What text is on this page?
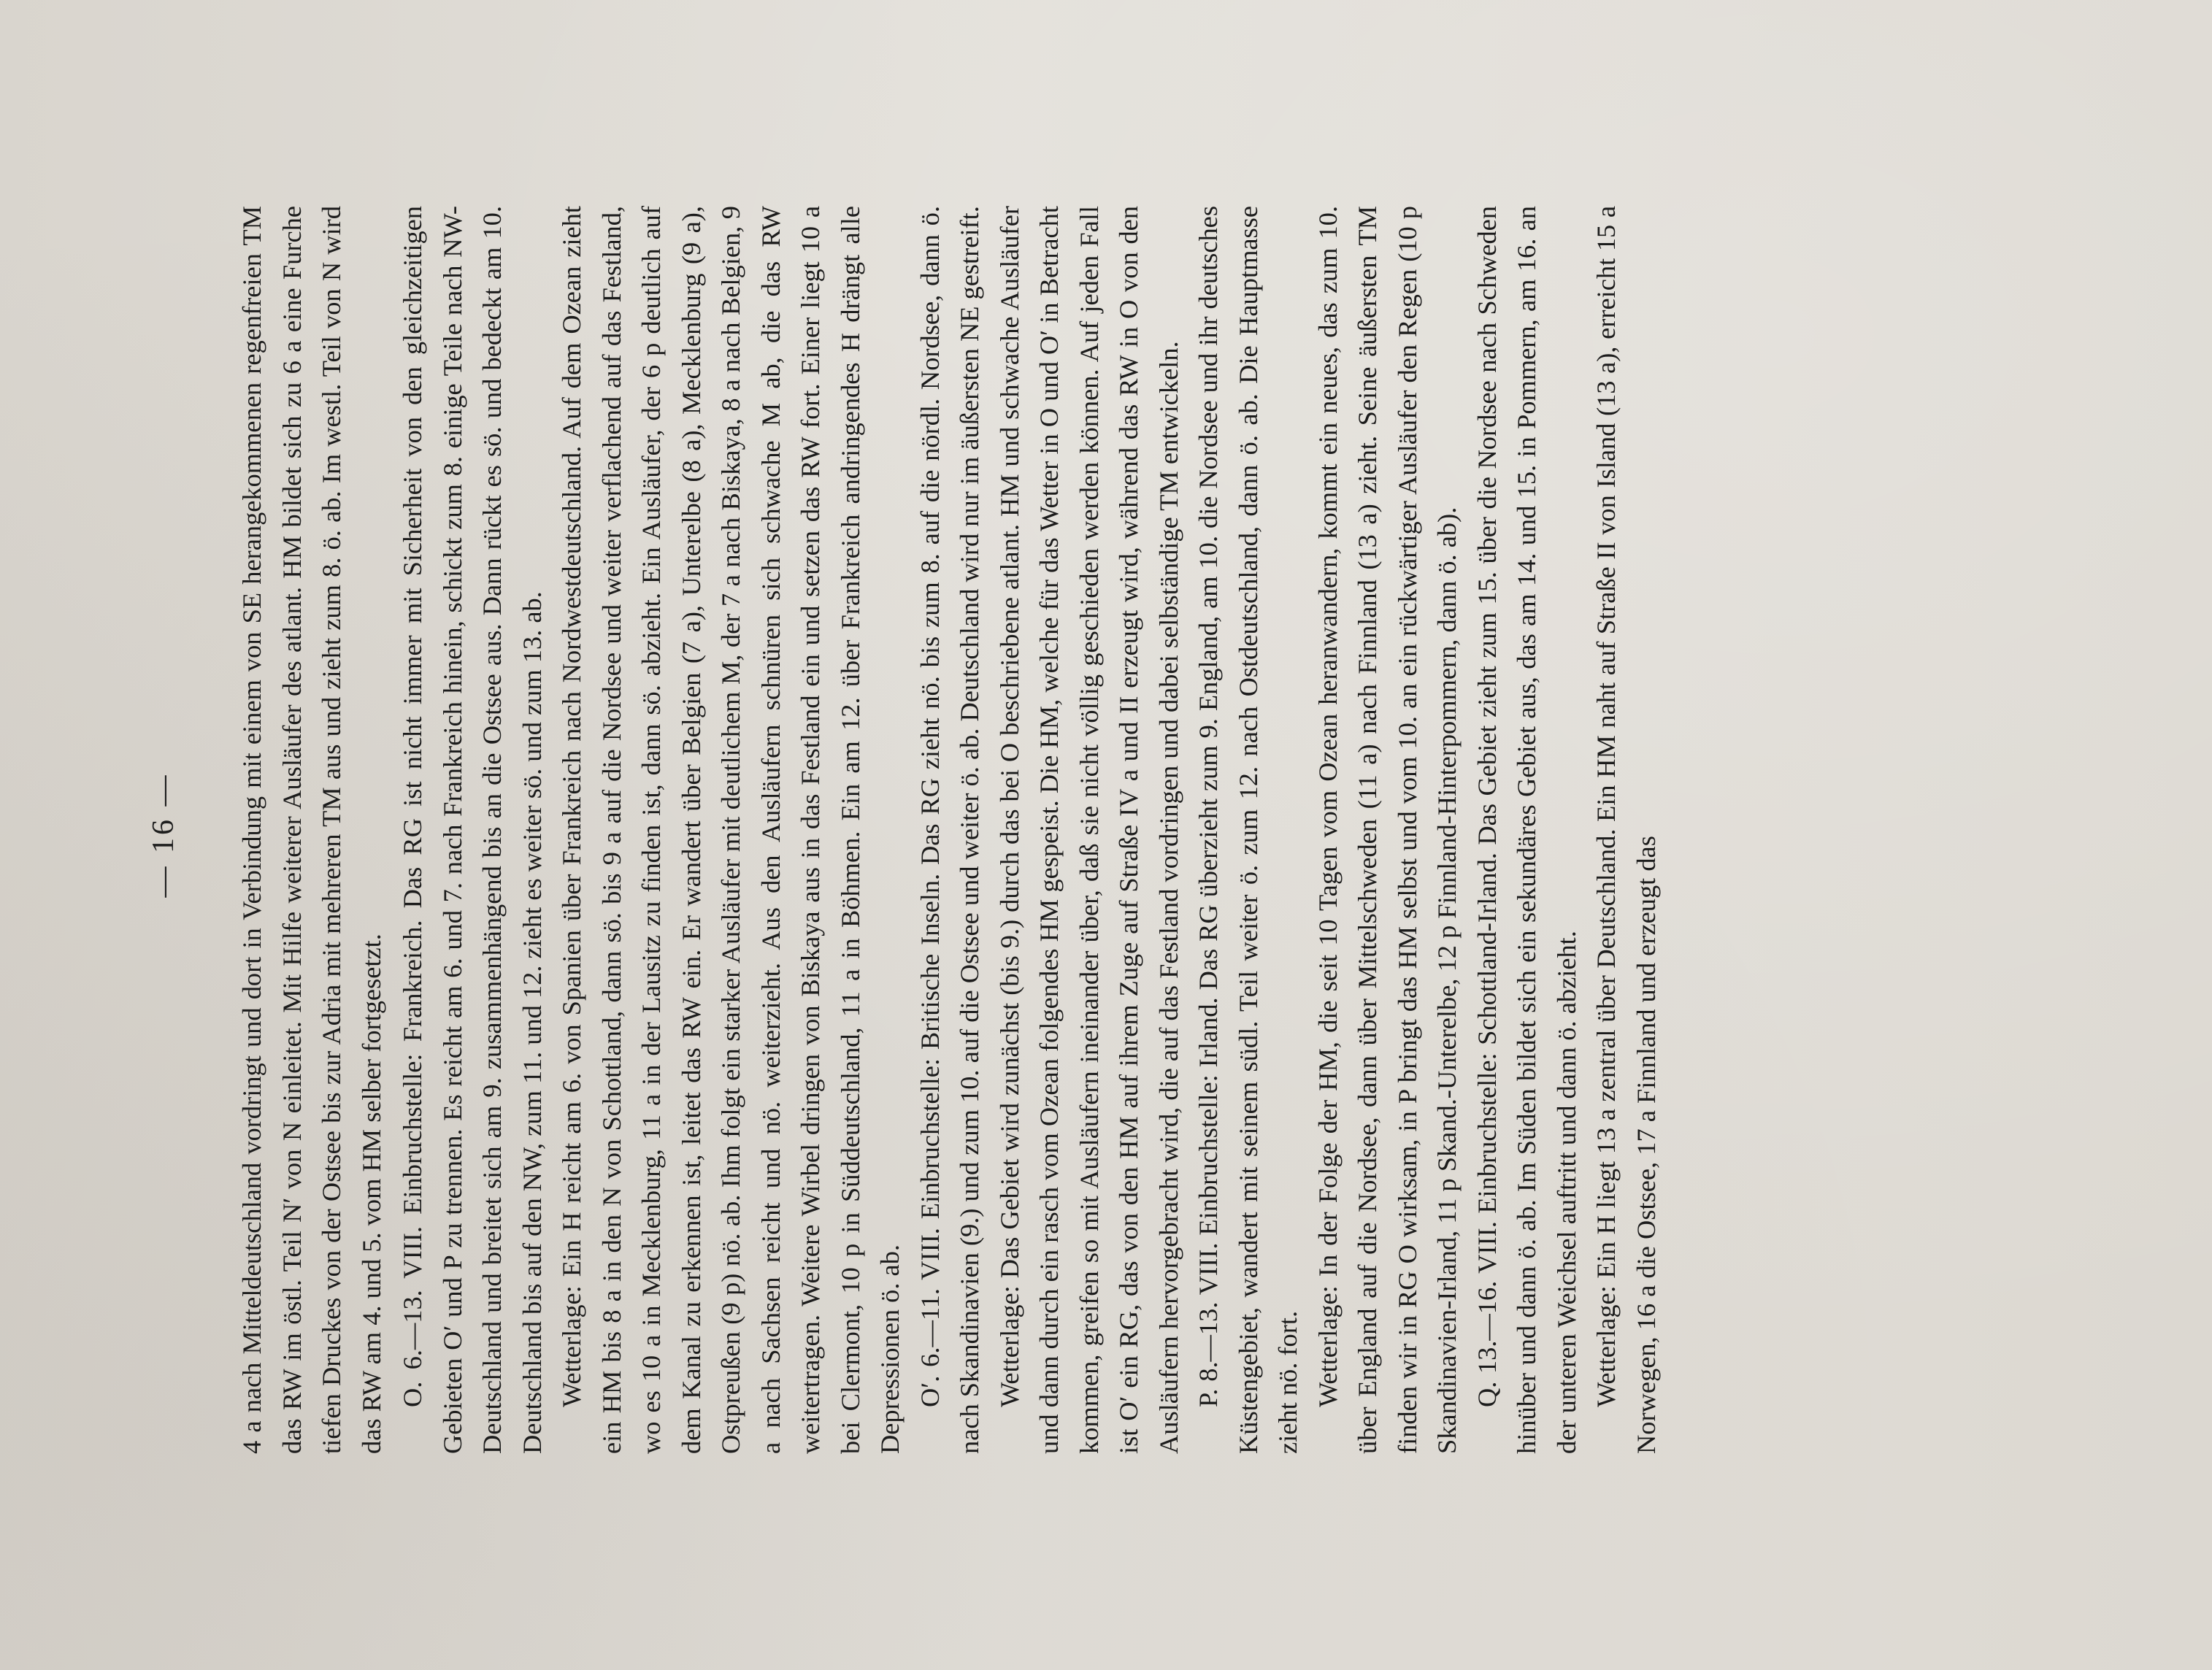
— 16 — 4 a nach Mitteldeutschland vordringt und dort in Verbindung mit einem von SE herangekommenen regenfreien TM das RW im östl. Teil N′ von N einleitet. Mit Hilfe weiterer Ausläufer des atlant. HM bildet sich zu 6 a eine Furche tiefen Druckes von der Ostsee bis zur Adria mit mehreren TM aus und zieht zum 8. ö. ab. Im westl. Teil von N wird das RW am 4. und 5. vom HM selber fortgesetzt. O. 6.—13. VIII. Einbruchstelle: Frankreich. Das RG ist nicht immer mit Sicherheit von den gleichzeitigen Gebieten O′ und P zu trennen. Es reicht am 6. und 7. nach Frankreich hinein, schickt zum 8. einige Teile nach NW-Deutschland und breitet sich am 9. zusammenhängend bis an die Ostsee aus. Dann rückt es sö. und bedeckt am 10. Deutschland bis auf den NW, zum 11. und 12. zieht es weiter sö. und zum 13. ab. Wetterlage: Ein H reicht am 6. von Spanien über Frankreich nach Nordwestdeutschland. Auf dem Ozean zieht ein HM bis 8 a in den N von Schottland, dann sö. bis 9 a auf die Nordsee und weiter verflachend auf das Festland, wo es 10 a in Mecklenburg, 11 a in der Lausitz zu finden ist, dann sö. abzieht. Ein Ausläufer, der 6 p deutlich auf dem Kanal zu erkennen ist, leitet das RW ein. Er wandert über Belgien (7 a), Unterelbe (8 a), Mecklenburg (9 a), Ostpreußen (9 p) nö. ab. Ihm folgt ein starker Ausläufer mit deutlichem M, der 7 a nach Biskaya, 8 a nach Belgien, 9 a nach Sachsen reicht und nö. weiterzieht. Aus den Ausläufern schnüren sich schwache M ab, die das RW weitertragen. Weitere Wirbel dringen von Biskaya aus in das Festland ein und setzen das RW fort. Einer liegt 10 a bei Clermont, 10 p in Süddeutschland, 11 a in Böhmen. Ein am 12. über Frankreich andringendes H drängt alle Depressionen ö. ab. O′. 6.—11. VIII. Einbruchstelle: Britische Inseln. Das RG zieht nö. bis zum 8. auf die nördl. Nordsee, dann ö. nach Skandinavien (9.) und zum 10. auf die Ostsee und weiter ö. ab. Deutschland wird nur im äußersten NE gestreift. Wetterlage: Das Gebiet wird zunächst (bis 9.) durch das bei O beschriebene atlant. HM und schwache Ausläufer und dann durch ein rasch vom Ozean folgendes HM gespeist. Die HM, welche für das Wetter in O und O′ in Betracht kommen, greifen so mit Ausläufern ineinander über, daß sie nicht völlig geschieden werden können. Auf jeden Fall ist O′ ein RG, das von den HM auf ihrem Zuge auf Straße IV a und II erzeugt wird, während das RW in O von den Ausläufern hervorgebracht wird, die auf das Festland vordringen und dabei selbständige TM entwickeln. P. 8.—13. VIII. Einbruchstelle: Irland. Das RG überzieht zum 9. England, am 10. die Nordsee und ihr deutsches Küstengebiet, wandert mit seinem südl. Teil weiter ö. zum 12. nach Ostdeutschland, dann ö. ab. Die Hauptmasse zieht nö. fort. Wetterlage: In der Folge der HM, die seit 10 Tagen vom Ozean heranwandern, kommt ein neues, das zum 10. über England auf die Nordsee, dann über Mittelschweden (11 a) nach Finnland (13 a) zieht. Seine äußersten TM finden wir in RG O wirksam, in P bringt das HM selbst und vom 10. an ein rückwärtiger Ausläufer den Regen (10 p Skandinavien-Irland, 11 p Skand.-Unterelbe, 12 p Finnland-Hinterpommern, dann ö. ab). Q. 13.—16. VIII. Einbruchstelle: Schottland-Irland. Das Gebiet zieht zum 15. über die Nordsee nach Schweden hinüber und dann ö. ab. Im Süden bildet sich ein sekundäres Gebiet aus, das am 14. und 15. in Pommern, am 16. an der unteren Weichsel auftritt und dann ö. abzieht. Wetterlage: Ein H liegt 13 a zentral über Deutschland. Ein HM naht auf Straße II von Island (13 a), erreicht 15 a Norwegen, 16 a die Ostsee, 17 a Finnland und erzeugt das
